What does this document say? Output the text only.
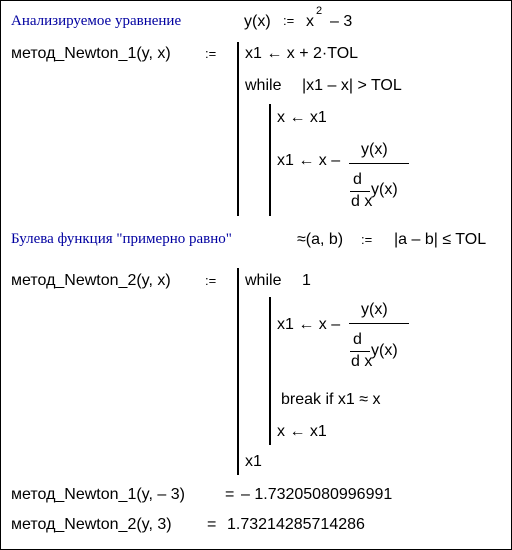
Анализируемое уравнение	y(x) := x
2
– 3
метод_Newton_1(y, x)	:= x1 ← x + 2·TOL
while |x1 – x| > TOL
x ← x1
x1 ← x –
y(x)
d
d x
y(x)
Булева функция "примерно равно"	≈(a, b) := |a – b| ≤ TOL
метод_Newton_2(y, x)	:= while 1
x1 ← x –
y(x)
d
d x
y(x)
break if x1 ≈ x
x ← x1
x1
метод_Newton_1(y, – 3)	= – 1.73205080996991
метод_Newton_2(y, 3) = 1.73214285714286
